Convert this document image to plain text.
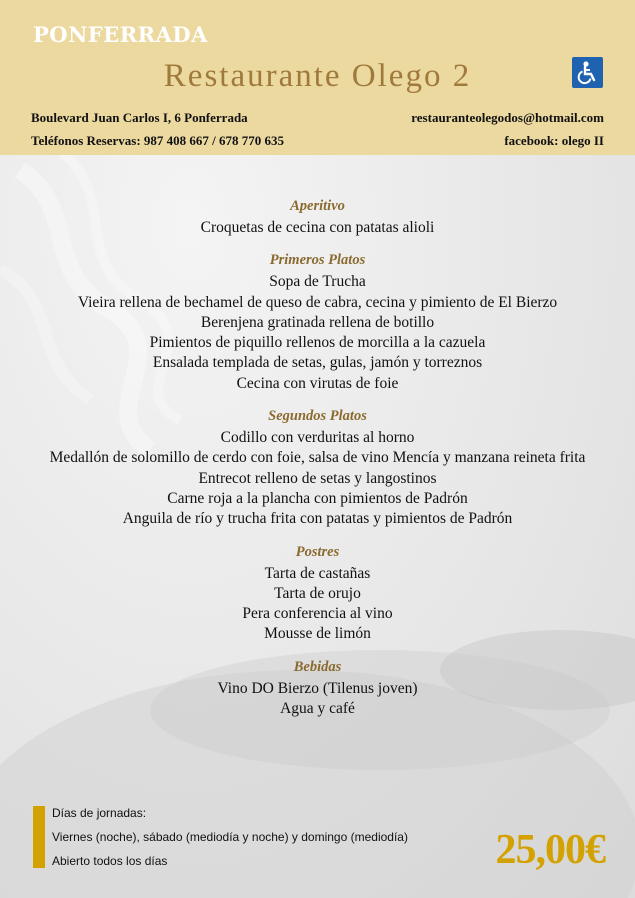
PONFERRADA
Restaurante Olego 2
Boulevard Juan Carlos I, 6 Ponferrada
Teléfonos Reservas: 987 408 667 / 678 770 635
restauranteolegodos@hotmail.com
facebook: olego II
Aperitivo
Croquetas de cecina con patatas alioli
Primeros Platos
Sopa de Trucha
Vieira rellena de bechamel de queso de cabra, cecina y pimiento de El Bierzo
Berenjena gratinada rellena de botillo
Pimientos de piquillo rellenos de morcilla a la cazuela
Ensalada templada de setas, gulas, jamón y torreznos
Cecina con virutas de foie
Segundos Platos
Codillo con verduritas al horno
Medallón de solomillo de cerdo con foie, salsa de vino Mencía y manzana reineta frita
Entrecot relleno de setas y langostinos
Carne roja a la plancha con pimientos de Padrón
Anguila de río y trucha frita con patatas y pimientos de Padrón
Postres
Tarta de castañas
Tarta de orujo
Pera conferencia al vino
Mousse de limón
Bebidas
Vino DO Bierzo (Tilenus joven)
Agua y café
Días de jornadas:
Viernes (noche), sábado (mediodía y noche) y domingo (mediodía)
Abierto todos los días	25,00€
